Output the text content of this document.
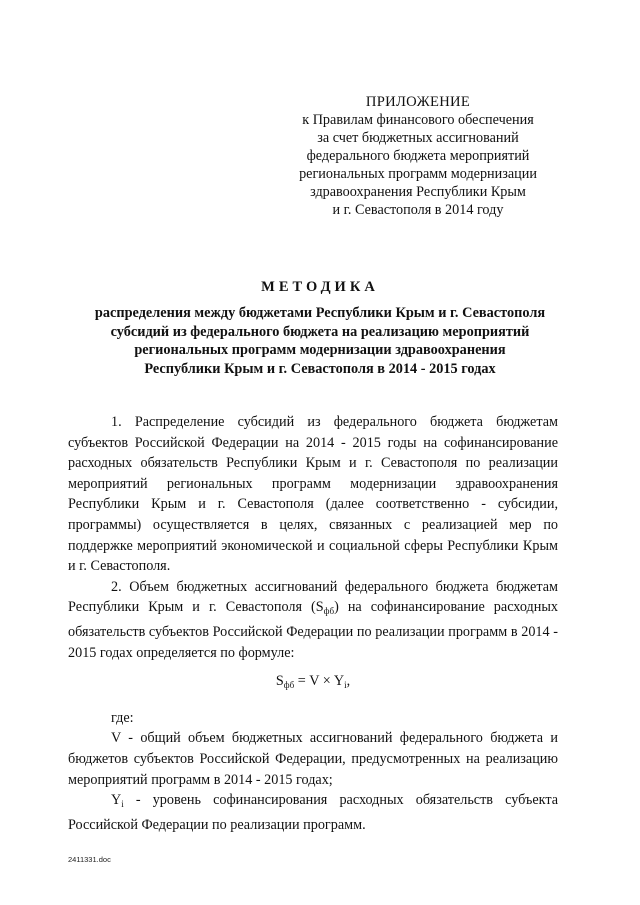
ПРИЛОЖЕНИЕ
к Правилам финансового обеспечения
за счет бюджетных ассигнований
федерального бюджета мероприятий
региональных программ модернизации
здравоохранения Республики Крым
и г. Севастополя в 2014 году
МЕТОДИКА
распределения между бюджетами Республики Крым и г. Севастополя
субсидий из федерального бюджета на реализацию мероприятий
региональных программ модернизации здравоохранения
Республики Крым и г. Севастополя в 2014 - 2015 годах

1. Распределение субсидий из федерального бюджета бюджетам субъектов Российской Федерации на 2014 - 2015 годы на софинансирование расходных обязательств Республики Крым и г. Севастополя по реализации мероприятий региональных программ модернизации здравоохранения Республики Крым и г. Севастополя (далее соответственно - субсидии, программы) осуществляется в целях, связанных с реализацией мер по поддержке мероприятий экономической и социальной сферы Республики Крым и г. Севастополя.

2. Объем бюджетных ассигнований федерального бюджета бюджетам Республики Крым и г. Севастополя $(S_{фб})$ на софинансирование расходных обязательств субъектов Российской Федерации по реализации программ в 2014 - 2015 годах определяется по формуле:

$S_{фб} = V \times Y_i$,

где:

V - общий объем бюджетных ассигнований федерального бюджета и бюджетов субъектов Российской Федерации, предусмотренных на реализацию мероприятий программ в 2014 - 2015 годах;

$Y_i$ - уровень софинансирования расходных обязательств субъекта Российской Федерации по реализации программ.

2411331.doc
